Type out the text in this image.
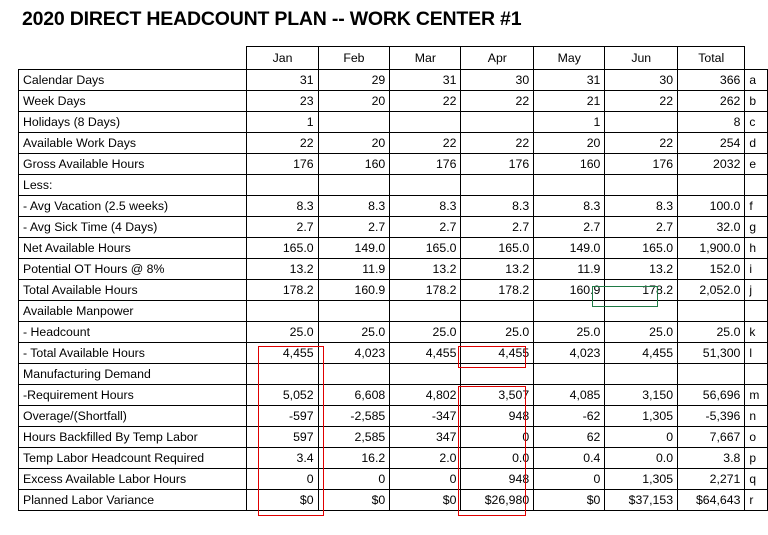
2020 DIRECT HEADCOUNT PLAN -- WORK CENTER #1
	Jan	Feb	Mar	Apr	May	Jun	Total	
Calendar Days	31	29	31	30	31	30	366	a
Week Days	23	20	22	22	21	22	262	b
Holidays (8 Days)	1				1		8	c
Available Work Days	22	20	22	22	20	22	254	d
Gross Available Hours	176	160	176	176	160	176	2032	e
Less:								
- Avg Vacation (2.5 weeks)	8.3	8.3	8.3	8.3	8.3	8.3	100.0	f
- Avg Sick Time (4 Days)	2.7	2.7	2.7	2.7	2.7	2.7	32.0	g
Net Available Hours	165.0	149.0	165.0	165.0	149.0	165.0	1,900.0	h
Potential OT Hours @ 8%	13.2	11.9	13.2	13.2	11.9	13.2	152.0	i
Total Available Hours	178.2	160.9	178.2	178.2	160.9	178.2	2,052.0	j
Available Manpower								
- Headcount	25.0	25.0	25.0	25.0	25.0	25.0	25.0	k
- Total Available Hours	4,455	4,023	4,455	4,455	4,023	4,455	51,300	l
Manufacturing Demand								
-Requirement Hours	5,052	6,608	4,802	3,507	4,085	3,150	56,696	m
Overage/(Shortfall)	-597	-2,585	-347	948	-62	1,305	-5,396	n
Hours Backfilled By Temp Labor	597	2,585	347	0	62	0	7,667	o
Temp Labor Headcount Required	3.4	16.2	2.0	0.0	0.4	0.0	3.8	p
Excess Available Labor Hours	0	0	0	948	0	1,305	2,271	q
Planned Labor Variance	$0	$0	$0	$26,980	$0	$37,153	$64,643	r
